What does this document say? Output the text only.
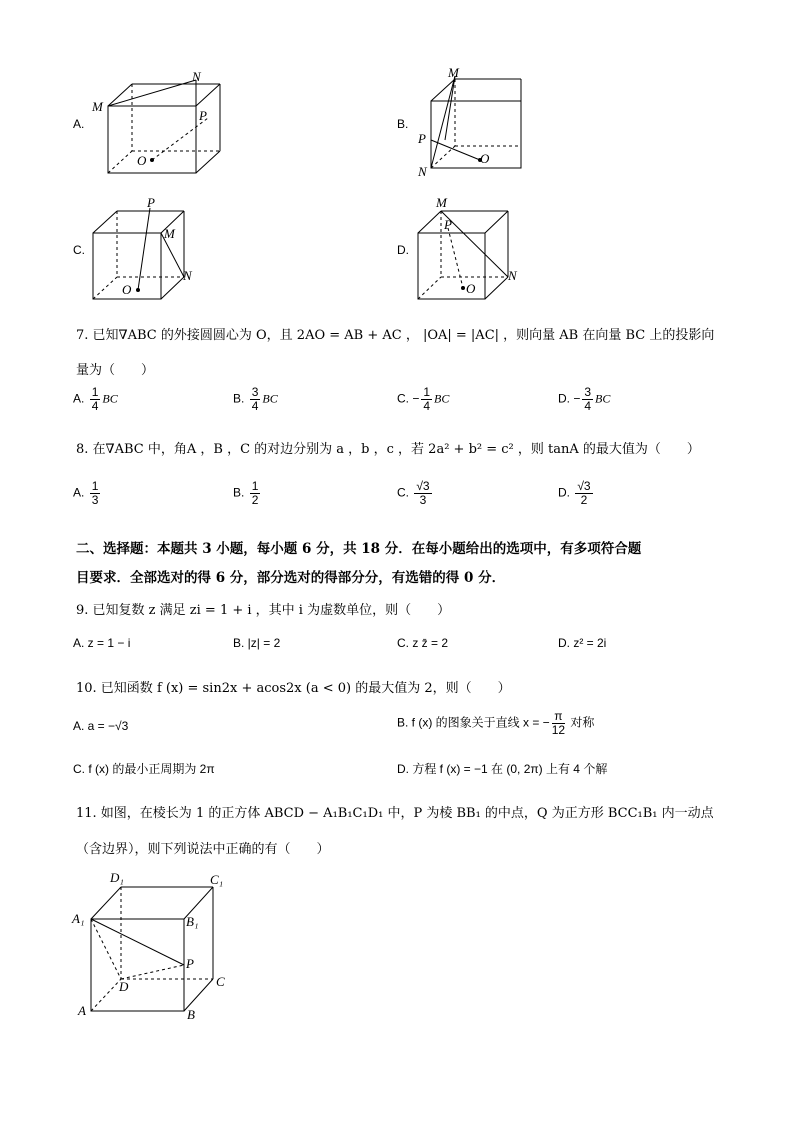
A.
M
N
P
O
B.
M
P
N
O
C.
P
M
N
O
D.
M
P
N
O
7. 已知∇ABC 的外接圆圆心为 O，且 2AO = AB + AC ， |OA| = |AC| ，则向量 AB 在向量 BC 上的投影向
量为（　　）
A. $\frac{1}{4}$ BC	B. $\frac{3}{4}$ BC	C. − $\frac{1}{4}$ BC	D. − $\frac{3}{4}$ BC
8. 在∇ABC 中，角A ，B ，C 的对边分别为 a ，b ，c ，若 2a² + b² = c² ，则 tanA 的最大值为（　　）
A. $\frac{1}{3}$	B. $\frac{1}{2}$	C. $\frac{√3}{3}$	D. $\frac{√3}{2}$
二、选择题：本题共 3 小题，每小题 6 分，共 18 分．在每小题给出的选项中，有多项符合题
目要求．全部选对的得 6 分，部分选对的得部分分，有选错的得 0 分．
9. 已知复数 z 满足 zi = 1 + i ，其中 i 为虚数单位，则（　　）
A. z = 1 − i	B. |z| = 2	C. z z̄ = 2	D. z² = 2i
10. 已知函数 f (x) = sin2x + acos2x (a < 0) 的最大值为 2，则（　　）
A. a = −√3	B. f (x) 的图象关于直线 x = − $\frac{\pi}{12}$ 对称
C. f (x) 的最小正周期为 2π	D. 方程 f (x) = −1 在 (0, 2π) 上有 4 个解
11. 如图，在棱长为 1 的正方体 ABCD − A₁B₁C₁D₁ 中，P 为棱 BB₁ 的中点，Q 为正方形 BCC₁B₁ 内一动点
（含边界），则下列说法中正确的有（　　）
D₁	C₁
A₁	B₁
P
D	C
A	B
